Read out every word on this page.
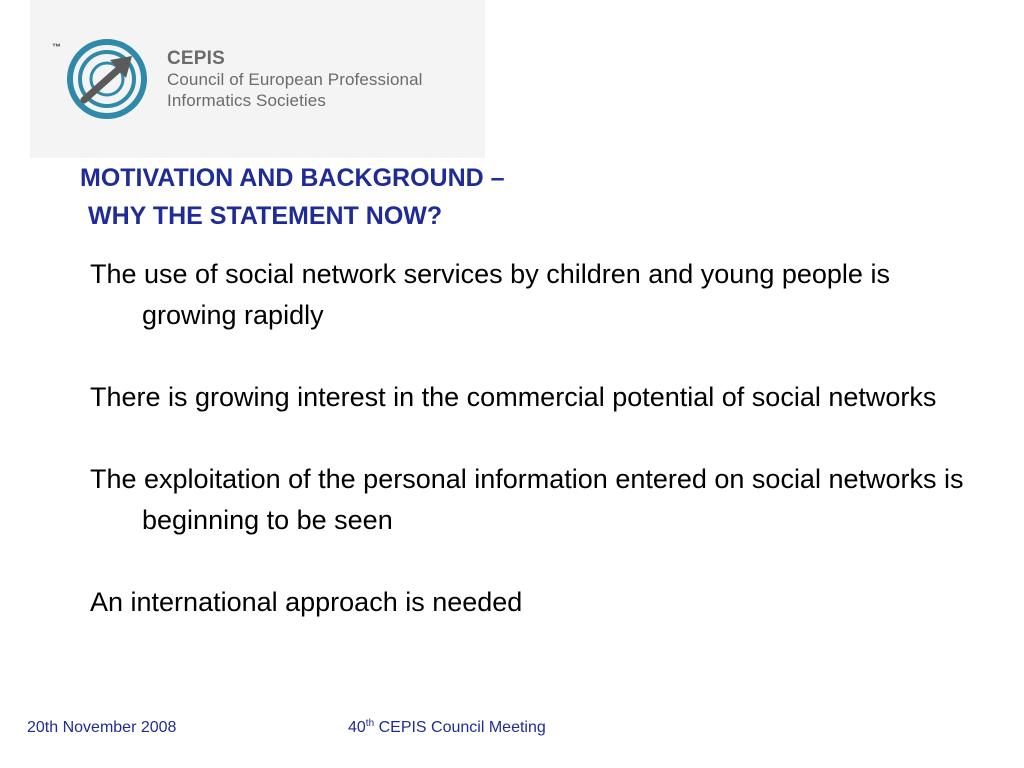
™
CEPIS
Council of European Professional
Informatics Societies
MOTIVATION AND BACKGROUND –
WHY THE STATEMENT NOW?

The use of social network services by children and young people is growing rapidly

There is growing interest in the commercial potential of social networks

The exploitation of the personal information entered on social networks is beginning to be seen

An international approach is needed

20th November 2008	40th CEPIS Council Meeting
